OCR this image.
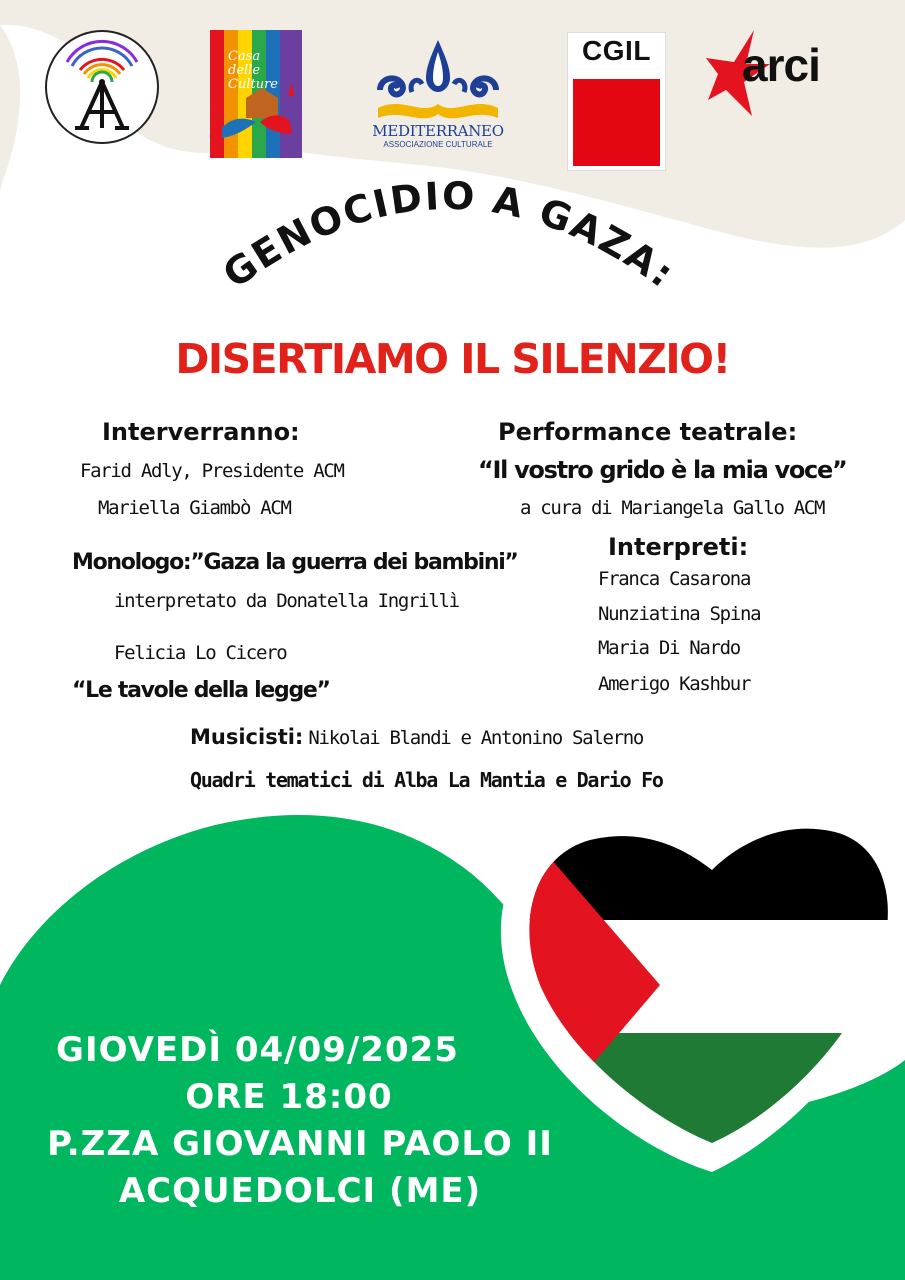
Casa delle Culture
MEDITERRANEO
ASSOCIAZIONE CULTURALE
CGIL	arci
GENOCIDIO A GAZA:
DISERTIAMO IL SILENZIO!
Interverranno:
Farid Adly, Presidente ACM
Mariella Giambò ACM
Monologo:”Gaza la guerra dei bambini”
interpretato da Donatella Ingrillì
Felicia Lo Cicero
“Le tavole della legge”
Performance teatrale:
“Il vostro grido è la mia voce”
a cura di Mariangela Gallo ACM
Interpreti:
Franca Casarona
Nunziatina Spina
Maria Di Nardo
Amerigo Kashbur
Musicisti: Nikolai Blandi e Antonino Salerno
Quadri tematici di Alba La Mantia e Dario Fo
GIOVEDÌ 04/09/2025
ORE 18:00
P.ZZA GIOVANNI PAOLO II
ACQUEDOLCI (ME)
